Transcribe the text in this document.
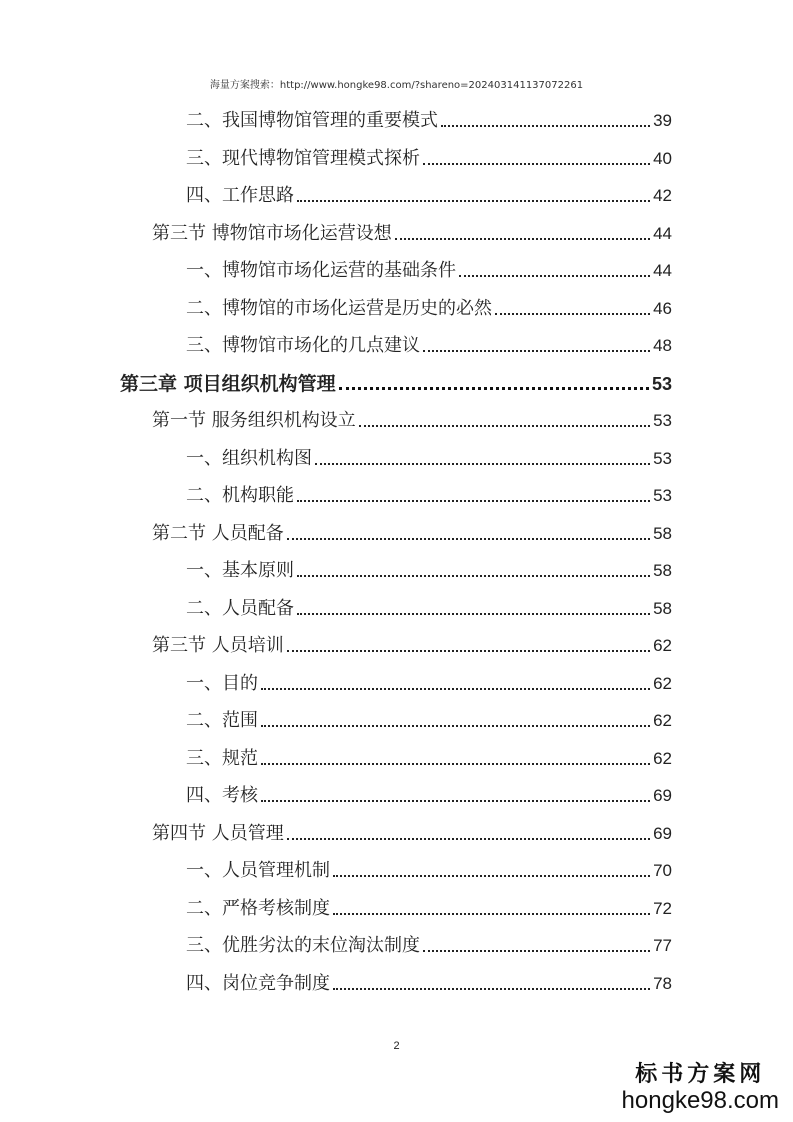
海量方案搜索：http://www.hongke98.com/?shareno=202403141137072261
二、我国博物馆管理的重要模式	39
三、现代博物馆管理模式探析	40
四、工作思路	42
第三节 博物馆市场化运营设想	44
一、博物馆市场化运营的基础条件	44
二、博物馆的市场化运营是历史的必然	46
三、博物馆市场化的几点建议	48
第三章 项目组织机构管理	53
第一节 服务组织机构设立	53
一、组织机构图	53
二、机构职能	53
第二节 人员配备	58
一、基本原则	58
二、人员配备	58
第三节 人员培训	62
一、目的	62
二、范围	62
三、规范	62
四、考核	69
第四节 人员管理	69
一、人员管理机制	70
二、严格考核制度	72
三、优胜劣汰的末位淘汰制度	77
四、岗位竞争制度	78
2
标书方案网
hongke98.com
